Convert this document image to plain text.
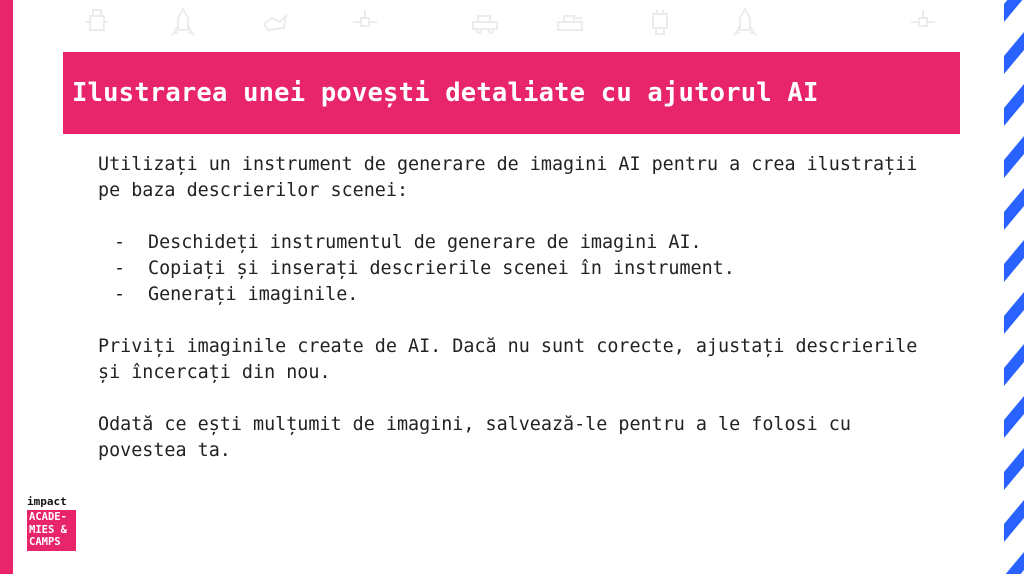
Ilustrarea unei povești detaliate cu ajutorul AI

Utilizați un instrument de generare de imagini AI pentru a crea ilustrații pe baza descrierilor scenei:

-	Deschideți instrumentul de generare de imagini AI.
-	Copiați și inserați descrierile scenei în instrument.
-	Generați imaginile.

Priviți imaginile create de AI. Dacă nu sunt corecte, ajustați descrierile și încercați din nou.

Odată ce ești mulțumit de imagini, salvează-le pentru a le folosi cu povestea ta.

impact
ACADE-
MIES &
CAMPS
